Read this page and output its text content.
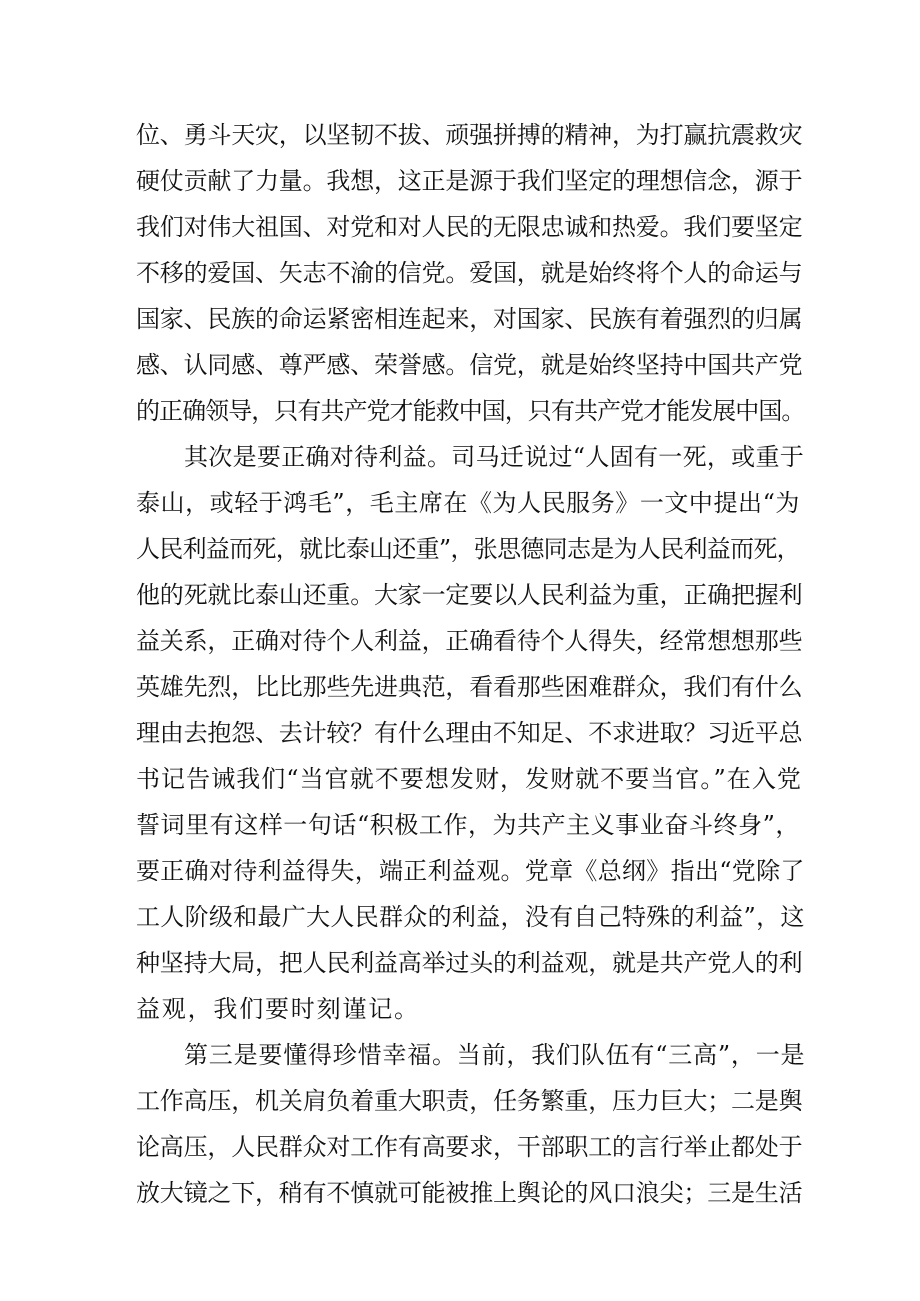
位、勇斗天灾，以坚韧不拔、顽强拼搏的精神，为打赢抗震救灾
硬仗贡献了力量。我想，这正是源于我们坚定的理想信念，源于
我们对伟大祖国、对党和对人民的无限忠诚和热爱。我们要坚定
不移的爱国、矢志不渝的信党。爱国，就是始终将个人的命运与
国家、民族的命运紧密相连起来，对国家、民族有着强烈的归属
感、认同感、尊严感、荣誉感。信党，就是始终坚持中国共产党
的正确领导，只有共产党才能救中国，只有共产党才能发展中国。
其次是要正确对待利益。司马迁说过“人固有一死，或重于
泰山，或轻于鸿毛”，毛主席在《为人民服务》一文中提出“为
人民利益而死，就比泰山还重”，张思德同志是为人民利益而死，
他的死就比泰山还重。大家一定要以人民利益为重，正确把握利
益关系，正确对待个人利益，正确看待个人得失，经常想想那些
英雄先烈，比比那些先进典范，看看那些困难群众，我们有什么
理由去抱怨、去计较？有什么理由不知足、不求进取？习近平总
书记告诫我们“当官就不要想发财，发财就不要当官。”在入党
誓词里有这样一句话“积极工作，为共产主义事业奋斗终身”，
要正确对待利益得失，端正利益观。党章《总纲》指出“党除了
工人阶级和最广大人民群众的利益，没有自己特殊的利益”，这
种坚持大局，把人民利益高举过头的利益观，就是共产党人的利
益观，我们要时刻谨记。
第三是要懂得珍惜幸福。当前，我们队伍有“三高”，一是
工作高压，机关肩负着重大职责，任务繁重，压力巨大；二是舆
论高压，人民群众对工作有高要求，干部职工的言行举止都处于
放大镜之下，稍有不慎就可能被推上舆论的风口浪尖；三是生活
